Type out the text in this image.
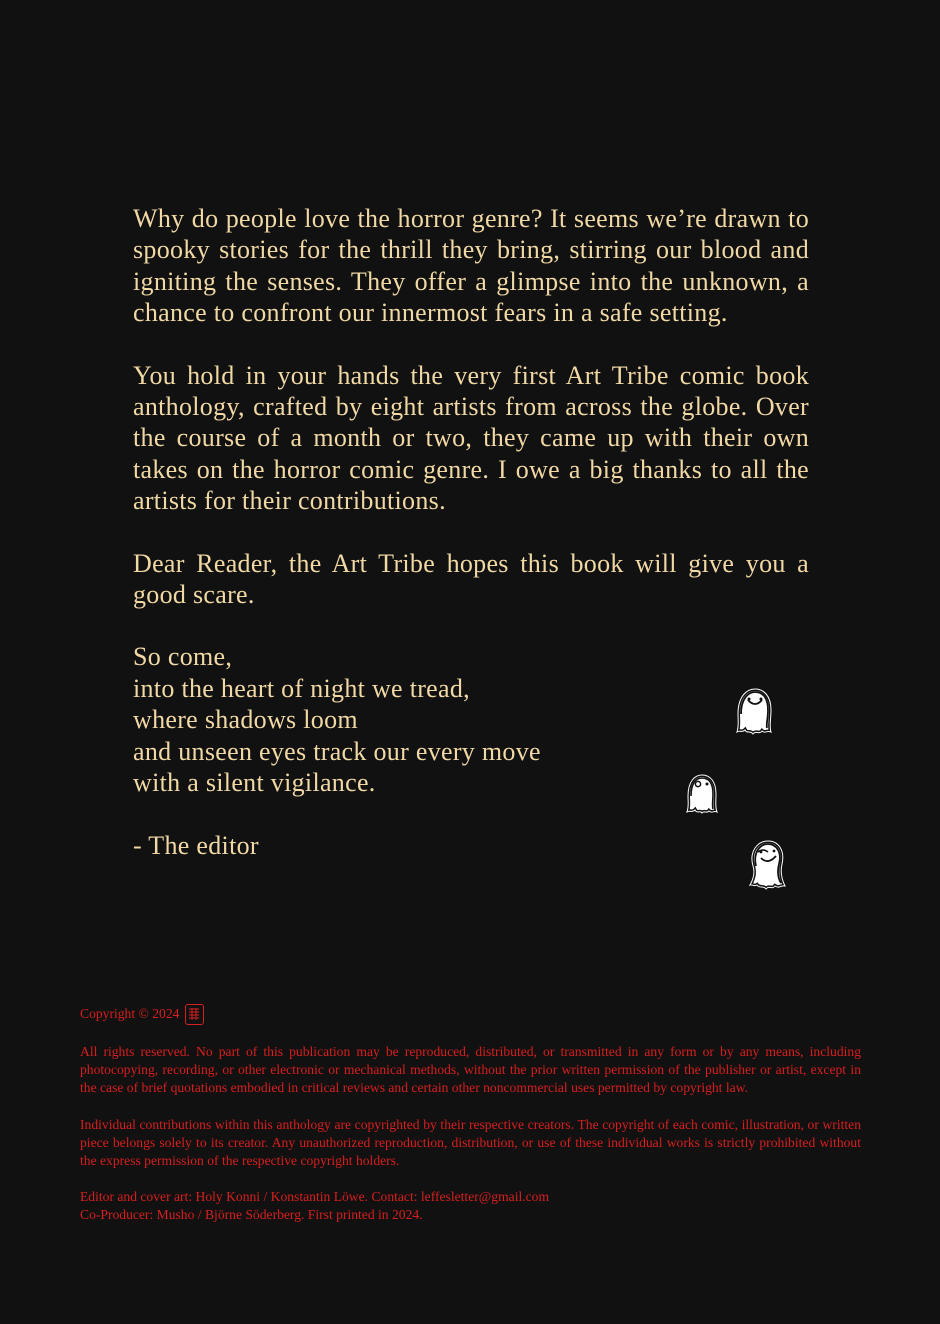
Why do people love the horror genre? It seems we’re drawn to spooky stories for the thrill they bring, stirring our blood and igniting the senses. They offer a glimpse into the unknown, a chance to confront our innermost fears in a safe setting.

You hold in your hands the very first Art Tribe comic book anthology, crafted by eight artists from across the globe. Over the course of a month or two, they came up with their own takes on the horror comic genre. I owe a big thanks to all the artists for their contributions.

Dear Reader, the Art Tribe hopes this book will give you a good scare.

So come,
into the heart of night we tread,
where shadows loom
and unseen eyes track our every move
with a silent vigilance.

- The editor

Copyright © 2024

All rights reserved. No part of this publication may be reproduced, distributed, or transmitted in any form or by any means, including photocopying, recording, or other electronic or mechanical methods, without the prior written permission of the publisher or artist, except in the case of brief quotations embodied in critical reviews and certain other noncommercial uses permitted by copyright law.

Individual contributions within this anthology are copyrighted by their respective creators. The copyright of each comic, illustration, or written piece belongs solely to its creator. Any unauthorized reproduction, distribution, or use of these individual works is strictly prohibited without the express permission of the respective copyright holders.

Editor and cover art: Holy Konni / Konstantin Löwe. Contact: leffesletter@gmail.com
Co-Producer: Musho / Björne Söderberg. First printed in 2024.
